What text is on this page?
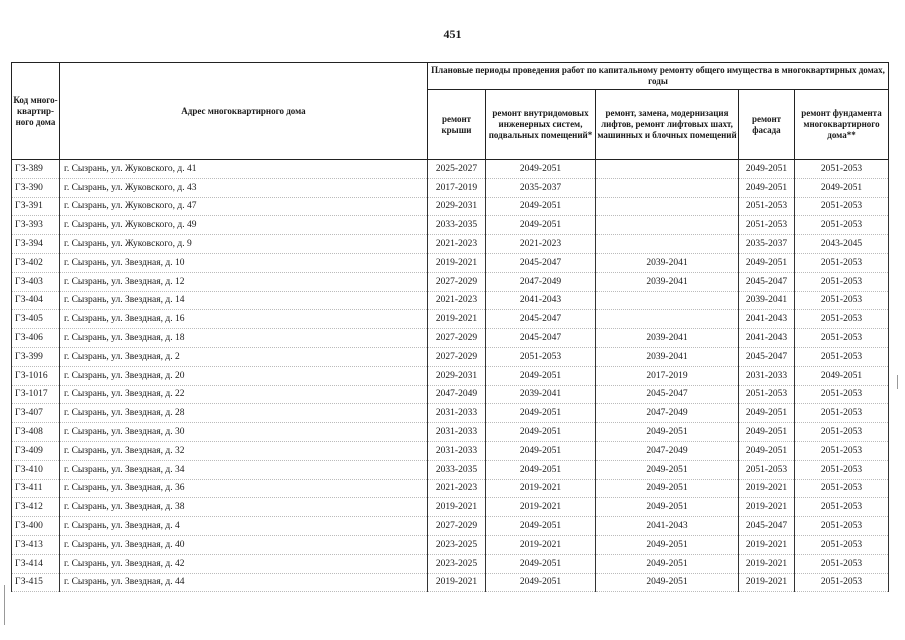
451
Код много-квартир-ного дома	Адрес многоквартирного дома	Плановые периоды проведения работ по капитальному ремонту общего имущества в многоквартирных домах, годы				
		ремонт крыши	ремонт внутридомовых инженерных систем, подвальных помещений*	ремонт, замена, модернизация лифтов, ремонт лифтовых шахт, машинных и блочных помещений	ремонт фасада	ремонт фундамента многоквартирного дома**
ГЗ-389	г. Сызрань, ул. Жуковского, д. 41	2025-2027	2049-2051		2049-2051	2051-2053
ГЗ-390	г. Сызрань, ул. Жуковского, д. 43	2017-2019	2035-2037		2049-2051	2049-2051
ГЗ-391	г. Сызрань, ул. Жуковского, д. 47	2029-2031	2049-2051		2051-2053	2051-2053
ГЗ-393	г. Сызрань, ул. Жуковского, д. 49	2033-2035	2049-2051		2051-2053	2051-2053
ГЗ-394	г. Сызрань, ул. Жуковского, д. 9	2021-2023	2021-2023		2035-2037	2043-2045
ГЗ-402	г. Сызрань, ул. Звездная, д. 10	2019-2021	2045-2047	2039-2041	2049-2051	2051-2053
ГЗ-403	г. Сызрань, ул. Звездная, д. 12	2027-2029	2047-2049	2039-2041	2045-2047	2051-2053
ГЗ-404	г. Сызрань, ул. Звездная, д. 14	2021-2023	2041-2043		2039-2041	2051-2053
ГЗ-405	г. Сызрань, ул. Звездная, д. 16	2019-2021	2045-2047		2041-2043	2051-2053
ГЗ-406	г. Сызрань, ул. Звездная, д. 18	2027-2029	2045-2047	2039-2041	2041-2043	2051-2053
ГЗ-399	г. Сызрань, ул. Звездная, д. 2	2027-2029	2051-2053	2039-2041	2045-2047	2051-2053
ГЗ-1016	г. Сызрань, ул. Звездная, д. 20	2029-2031	2049-2051	2017-2019	2031-2033	2049-2051
ГЗ-1017	г. Сызрань, ул. Звездная, д. 22	2047-2049	2039-2041	2045-2047	2051-2053	2051-2053
ГЗ-407	г. Сызрань, ул. Звездная, д. 28	2031-2033	2049-2051	2047-2049	2049-2051	2051-2053
ГЗ-408	г. Сызрань, ул. Звездная, д. 30	2031-2033	2049-2051	2049-2051	2049-2051	2051-2053
ГЗ-409	г. Сызрань, ул. Звездная, д. 32	2031-2033	2049-2051	2047-2049	2049-2051	2051-2053
ГЗ-410	г. Сызрань, ул. Звездная, д. 34	2033-2035	2049-2051	2049-2051	2051-2053	2051-2053
ГЗ-411	г. Сызрань, ул. Звездная, д. 36	2021-2023	2019-2021	2049-2051	2019-2021	2051-2053
ГЗ-412	г. Сызрань, ул. Звездная, д. 38	2019-2021	2019-2021	2049-2051	2019-2021	2051-2053
ГЗ-400	г. Сызрань, ул. Звездная, д. 4	2027-2029	2049-2051	2041-2043	2045-2047	2051-2053
ГЗ-413	г. Сызрань, ул. Звездная, д. 40	2023-2025	2019-2021	2049-2051	2019-2021	2051-2053
ГЗ-414	г. Сызрань, ул. Звездная, д. 42	2023-2025	2049-2051	2049-2051	2019-2021	2051-2053
ГЗ-415	г. Сызрань, ул. Звездная, д. 44	2019-2021	2049-2051	2049-2051	2019-2021	2051-2053
